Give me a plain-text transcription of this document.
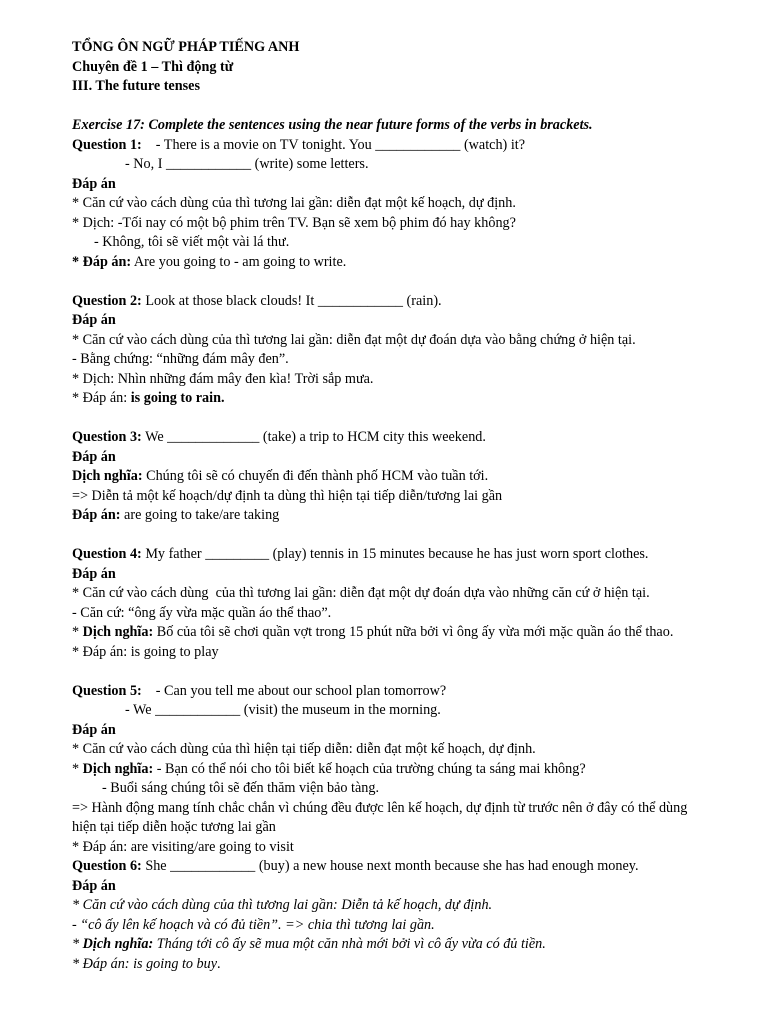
TỔNG ÔN NGỮ PHÁP TIẾNG ANH
Chuyên đề 1 – Thì động từ
III. The future tenses
Exercise 17: Complete the sentences using the near future forms of the verbs in brackets.
Question 1: - There is a movie on TV tonight. You ____________ (watch) it?
- No, I ____________ (write) some letters.
Đáp án
* Căn cứ vào cách dùng của thì tương lai gần: diễn đạt một kế hoạch, dự định.
* Dịch: -Tối nay có một bộ phim trên TV. Bạn sẽ xem bộ phim đó hay không?
- Không, tôi sẽ viết một vài lá thư.
* Đáp án: Are you going to - am going to write.
Question 2: Look at those black clouds! It ____________ (rain).
Đáp án
* Căn cứ vào cách dùng của thì tương lai gần: diễn đạt một dự đoán dựa vào bằng chứng ở hiện tại.
- Bằng chứng: “những đám mây đen”.
* Dịch: Nhìn những đám mây đen kìa! Trời sắp mưa.
* Đáp án: is going to rain.
Question 3: We _____________ (take) a trip to HCM city this weekend.
Đáp án
Dịch nghĩa: Chúng tôi sẽ có chuyến đi đến thành phố HCM vào tuần tới.
=> Diễn tả một kế hoạch/dự định ta dùng thì hiện tại tiếp diễn/tương lai gần
Đáp án: are going to take/are taking
Question 4: My father _________ (play) tennis in 15 minutes because he has just worn sport clothes.
Đáp án
* Căn cứ vào cách dùng  của thì tương lai gần: diễn đạt một dự đoán dựa vào những căn cứ ở hiện tại.
- Căn cứ: “ông ấy vừa mặc quần áo thể thao”.
* Dịch nghĩa: Bố của tôi sẽ chơi quần vợt trong 15 phút nữa bởi vì ông ấy vừa mới mặc quần áo thể thao.
* Đáp án: is going to play
Question 5: - Can you tell me about our school plan tomorrow?
- We ____________ (visit) the museum in the morning.
Đáp án
* Căn cứ vào cách dùng của thì hiện tại tiếp diễn: diễn đạt một kế hoạch, dự định.
* Dịch nghĩa: - Bạn có thể nói cho tôi biết kế hoạch của trường chúng ta sáng mai không?
- Buổi sáng chúng tôi sẽ đến thăm viện bảo tàng.
=> Hành động mang tính chắc chắn vì chúng đều được lên kế hoạch, dự định từ trước nên ở đây có thể dùng hiện tại tiếp diễn hoặc tương lai gần
* Đáp án: are visiting/are going to visit
Question 6: She ____________ (buy) a new house next month because she has had enough money.
Đáp án
* Căn cứ vào cách dùng của thì tương lai gần: Diễn tả kế hoạch, dự định.
- “cô ấy lên kế hoạch và có đủ tiền”. => chia thì tương lai gần.
* Dịch nghĩa: Tháng tới cô ấy sẽ mua một căn nhà mới bởi vì cô ấy vừa có đủ tiền.
* Đáp án: is going to buy.
